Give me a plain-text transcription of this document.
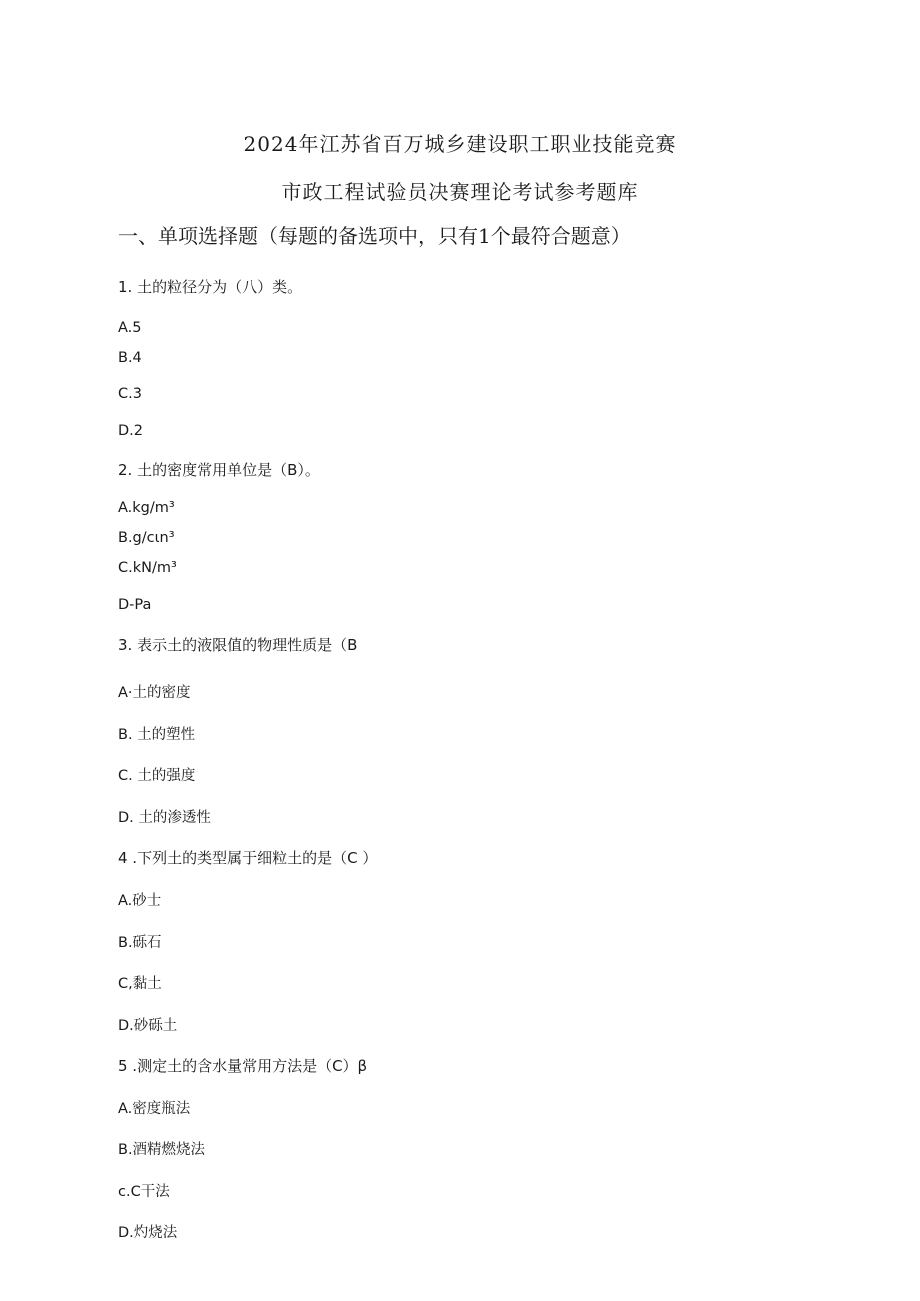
2024年江苏省百万城乡建设职工职业技能竞赛
市政工程试验员决赛理论考试参考题库
一、单项选择题（每题的备选项中，只有1个最符合题意）
1. 土的粒径分为（八）类。
A.5
B.4
C.3
D.2
2. 土的密度常用单位是（B）。
A.kg∕m³
B.g∕cιn³
C.kN∕m³
D-Pa
3. 表示土的液限值的物理性质是（B
A·土的密度
B. 土的塑性
C. 土的强度
D. 土的渗透性
4 .下列土的类型属于细粒土的是（C ）
A.砂士
B.砾石
C,黏土
D.砂砾土
5 .测定土的含水量常用方法是（C）β
A.密度瓶法
B.酒精燃烧法
c.C干法
D.灼烧法
